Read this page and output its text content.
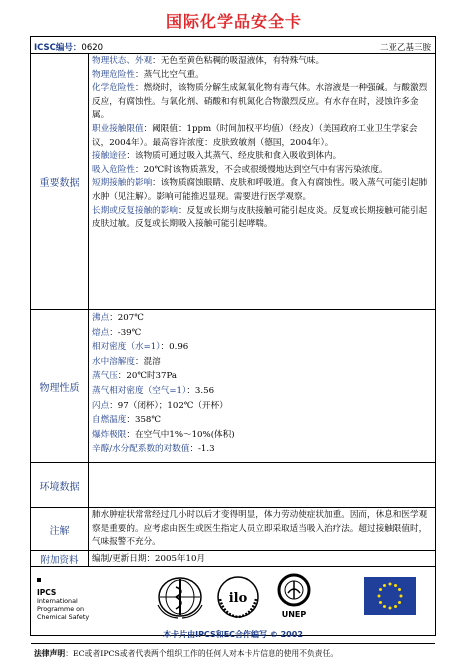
国际化学品安全卡
ICSC编号：0620	二亚乙基三胺
重要数据

物理状态、外观：无色至黄色粘稠的吸湿液体，有特殊气味。

物理危险性：蒸气比空气重。

化学危险性：燃烧时，该物质分解生成氮氧化物有毒气体。水溶液是一种强碱。与酸激烈反应，有腐蚀性。与氧化剂、硝酸和有机氮化合物激烈反应。有水存在时，浸蚀许多金属。

职业接触限值：阈限值：1ppm（时间加权平均值）（经皮）（美国政府工业卫生学家会议，2004年）。最高容许浓度：皮肤致敏剂（德国，2004年）。

接触途径：该物质可通过吸入其蒸气、经皮肤和食入吸收到体内。

吸入危险性：20℃时该物质蒸发，不会或很缓慢地达到空气中有害污染浓度。

短期接触的影响：该物质腐蚀眼睛、皮肤和呼吸道。食入有腐蚀性。吸入蒸气可能引起肺水肿（见注解）。影响可能推迟显现。需要进行医学观察。

长期或反复接触的影响：反复或长期与皮肤接触可能引起皮炎。反复或长期接触可能引起皮肤过敏。反复或长期吸入接触可能引起哮喘。

物理性质

沸点：207℃

熔点：-39℃

相对密度（水=1）：0.96

水中溶解度：混溶

蒸气压：20℃时37Pa

蒸气相对密度（空气=1）：3.56

闪点：97（闭杯）；102℃（开杯）

自燃温度：358℃

爆炸极限：在空气中1%～10%(体积)

辛醇/水分配系数的对数值：-1.3

环境数据
注解
肺水肿症状常常经过几小时以后才变得明显，体力劳动使症状加重。因而，休息和医学观察是重要的。应考虑由医生或医生指定人员立即采取适当吸入治疗法。超过接触限值时，气味报警不充分。
附加资料	编制/更新日期：2005年10月
IPCS
International
Programme on
Chemical Safety
ilo
UNEP
本卡片由IPCS和EC合作编写 © 2002
法律声明：EC或者IPCS或者代表两个组织工作的任何人对本卡片信息的使用不负责任。
